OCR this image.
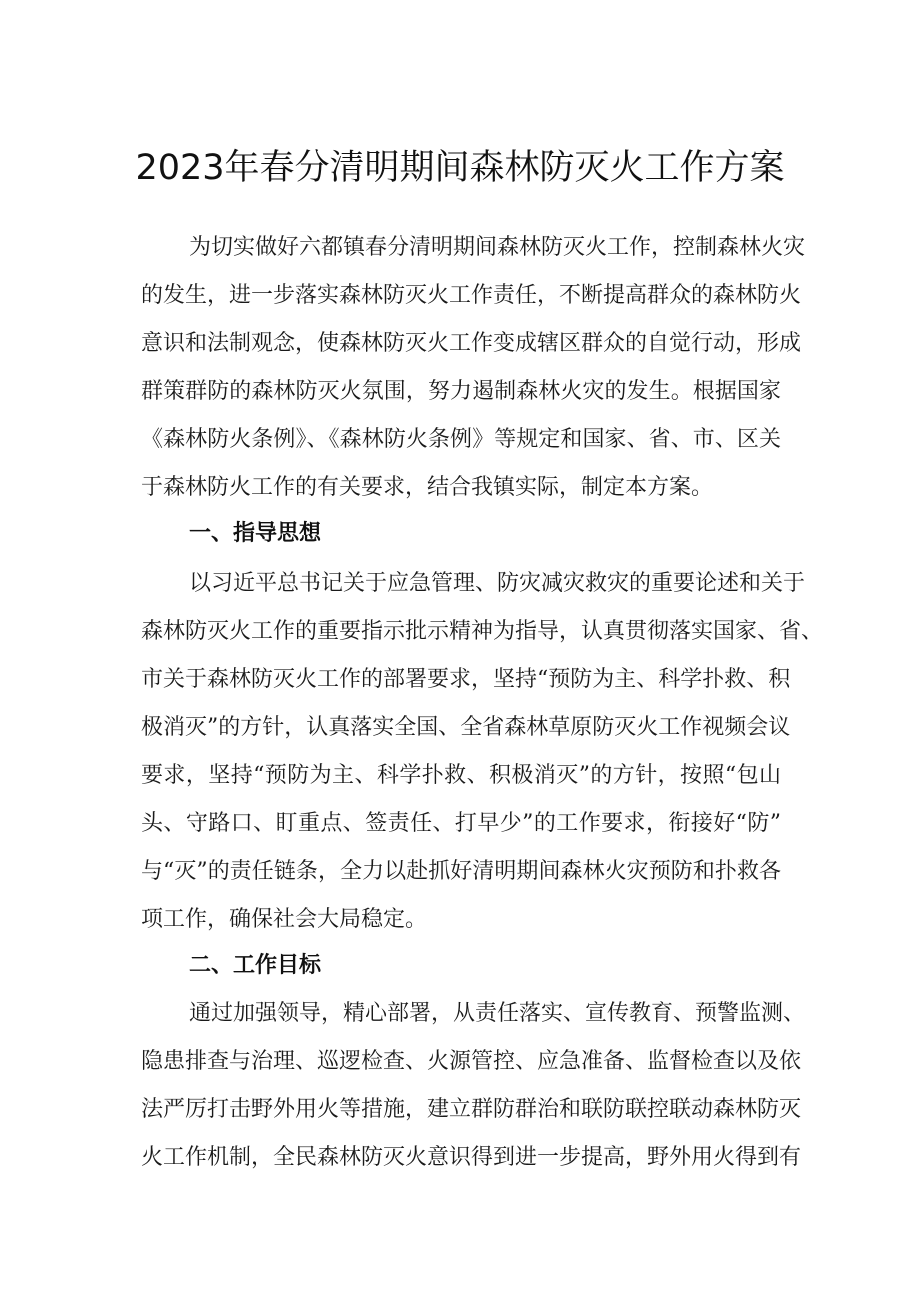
2023年春分清明期间森林防灭火工作方案

为切实做好六都镇春分清明期间森林防灭火工作，控制森林火灾

的发生，进一步落实森林防灭火工作责任，不断提高群众的森林防火

意识和法制观念，使森林防灭火工作变成辖区群众的自觉行动，形成

群策群防的森林防灭火氛围，努力遏制森林火灾的发生。根据国家

《森林防火条例》、《森林防火条例》等规定和国家、省、市、区关

于森林防火工作的有关要求，结合我镇实际，制定本方案。

一、指导思想

以习近平总书记关于应急管理、防灾减灾救灾的重要论述和关于

森林防灭火工作的重要指示批示精神为指导，认真贯彻落实国家、省、

市关于森林防灭火工作的部署要求，坚持“预防为主、科学扑救、积

极消灭”的方针，认真落实全国、全省森林草原防灭火工作视频会议

要求，坚持“预防为主、科学扑救、积极消灭”的方针，按照“包山

头、守路口、盯重点、签责任、打早少”的工作要求，衔接好“防”

与“灭”的责任链条，全力以赴抓好清明期间森林火灾预防和扑救各

项工作，确保社会大局稳定。

二、工作目标

通过加强领导，精心部署，从责任落实、宣传教育、预警监测、

隐患排查与治理、巡逻检查、火源管控、应急准备、监督检查以及依

法严厉打击野外用火等措施，建立群防群治和联防联控联动森林防灭

火工作机制，全民森林防灭火意识得到进一步提高，野外用火得到有
